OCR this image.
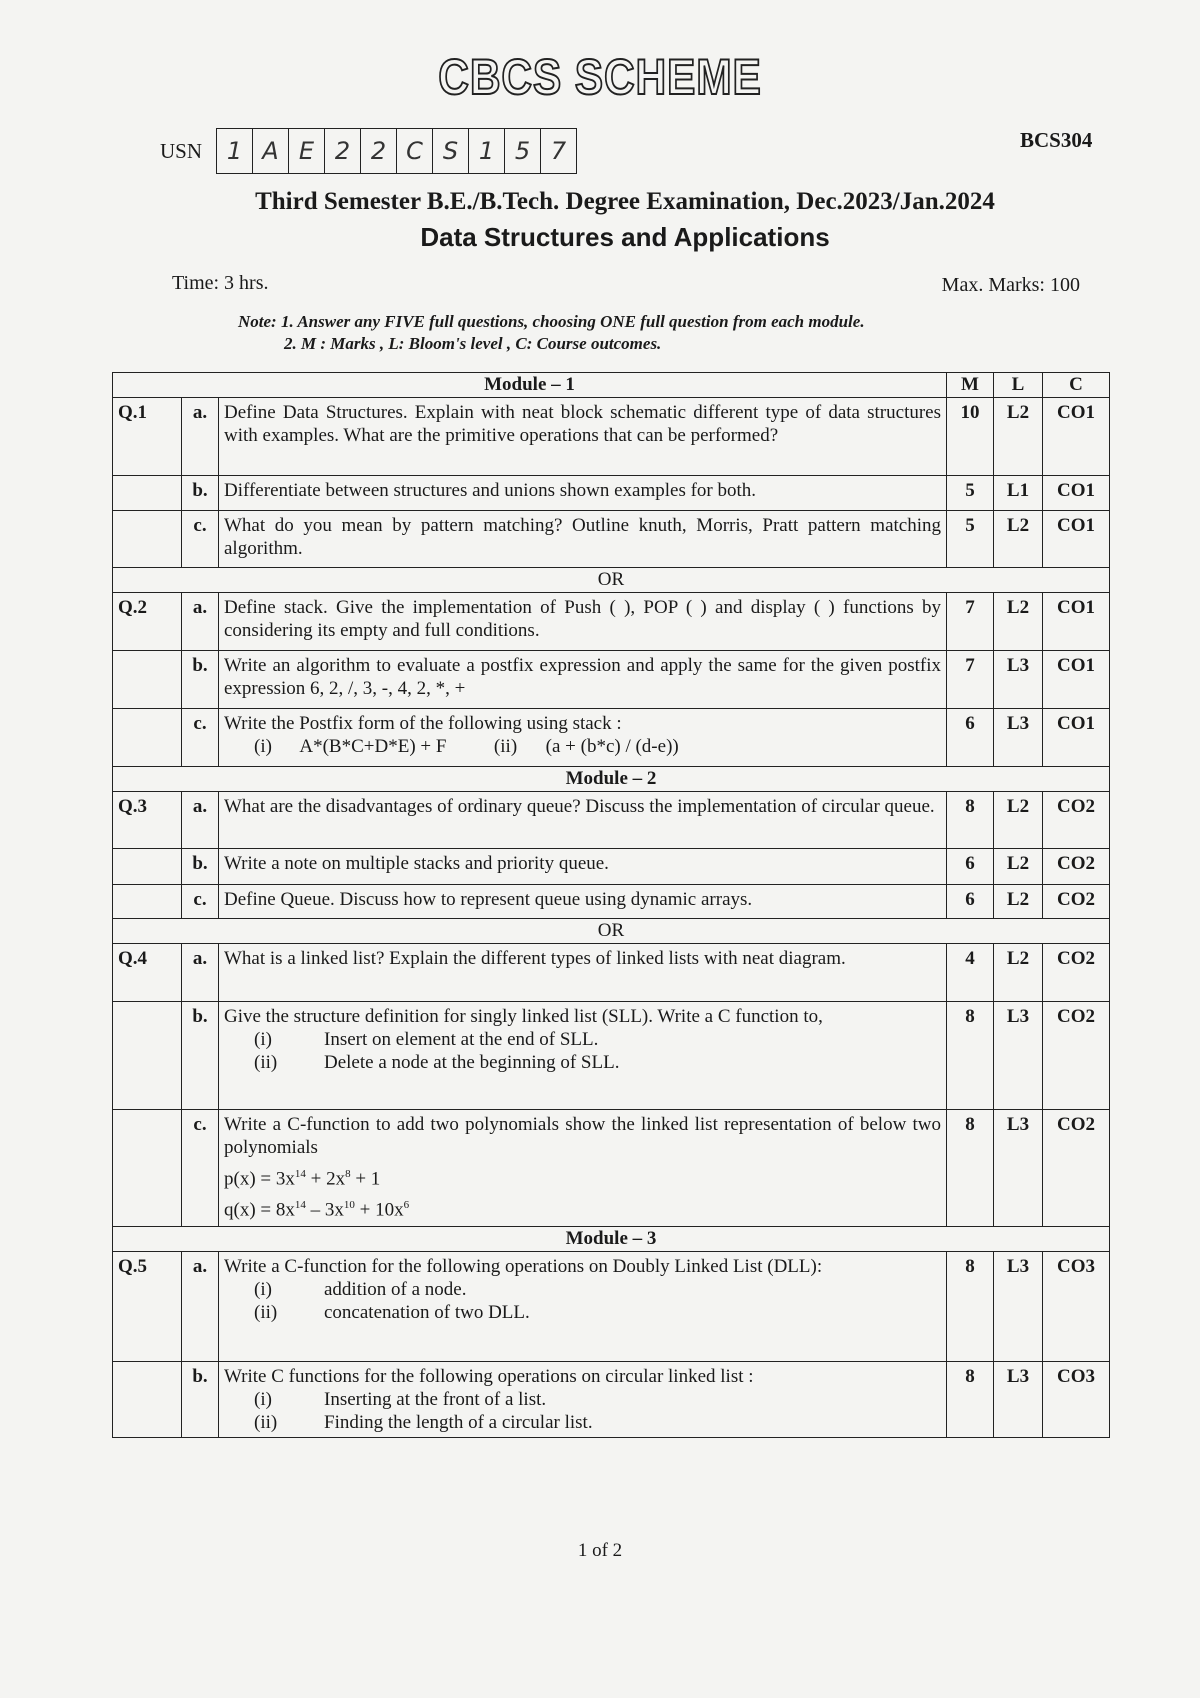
CBCS SCHEME
USN	1 A E 2 2 C S 1 5 7	BCS304
Third Semester B.E./B.Tech. Degree Examination, Dec.2023/Jan.2024
Data Structures and Applications
Time: 3 hrs.	Max. Marks: 100
Note: 1. Answer any FIVE full questions, choosing ONE full question from each module.
2. M : Marks , L: Bloom's level , C: Course outcomes.
Module – 1			M	L	C
Q.1	a.	Define Data Structures. Explain with neat block schematic different type of data structures with examples. What are the primitive operations that can be performed?	10	L2	CO1
	b.	Differentiate between structures and unions shown examples for both.	5	L1	CO1
	c.	What do you mean by pattern matching? Outline knuth, Morris, Pratt pattern matching algorithm.	5	L2	CO1
OR					
Q.2	a.	Define stack. Give the implementation of Push ( ), POP ( ) and display ( ) functions by considering its empty and full conditions.	7	L2	CO1
	b.	Write an algorithm to evaluate a postfix expression and apply the same for the given postfix expression 6, 2, /, 3, -, 4, 2, *, +	7	L3	CO1
	c.	Write the Postfix form of the following using stack :
(i)      A*(B*C+D*E) + F          (ii)      (a + (b*c) / (d-e))	6	L3	CO1
Module – 2					
Q.3	a.	What are the disadvantages of ordinary queue? Discuss the implementation of circular queue.	8	L2	CO2
	b.	Write a note on multiple stacks and priority queue.	6	L2	CO2
	c.	Define Queue. Discuss how to represent queue using dynamic arrays.	6	L2	CO2
OR					
Q.4	a.	What is a linked list? Explain the different types of linked lists with neat diagram.	4	L2	CO2
	b.	Give the structure definition for singly linked list (SLL). Write a C function to,
(i) Insert on element at the end of SLL.
(ii) Delete a node at the beginning of SLL.	8	L3	CO2
	c.	Write a C-function to add two polynomials show the linked list representation of below two polynomials
$p(x) = 3x^{14} + 2x^8 + 1$
$q(x) = 8x^{14} - 3x^{10} + 10x^6$	8	L3	CO2
Module – 3					
Q.5	a.	Write a C-function for the following operations on Doubly Linked List (DLL):
(i) addition of a node.
(ii) concatenation of two DLL.	8	L3	CO3
	b.	Write C functions for the following operations on circular linked list :
(i) Inserting at the front of a list.
(ii) Finding the length of a circular list.	8	L3	CO3
1 of 2
